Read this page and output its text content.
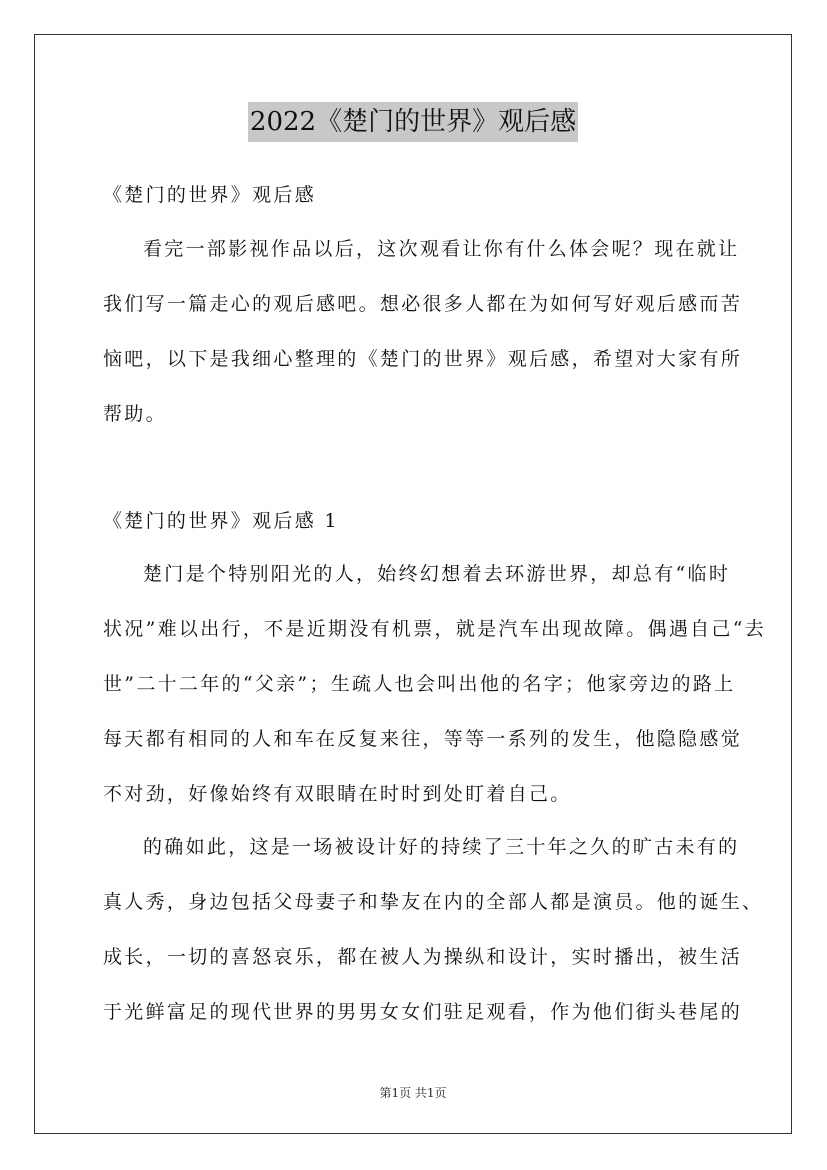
2022《楚门的世界》观后感
《楚门的世界》观后感
看完一部影视作品以后，这次观看让你有什么体会呢？现在就让
我们写一篇走心的观后感吧。想必很多人都在为如何写好观后感而苦
恼吧，以下是我细心整理的《楚门的世界》观后感，希望对大家有所
帮助。
《楚门的世界》观后感 1
楚门是个特别阳光的人，始终幻想着去环游世界，却总有“临时
状况”难以出行，不是近期没有机票，就是汽车出现故障。偶遇自己“去
世”二十二年的“父亲”；生疏人也会叫出他的名字；他家旁边的路上
每天都有相同的人和车在反复来往，等等一系列的发生，他隐隐感觉
不对劲，好像始终有双眼睛在时时到处盯着自己。
的确如此，这是一场被设计好的持续了三十年之久的旷古未有的
真人秀，身边包括父母妻子和挚友在内的全部人都是演员。他的诞生、
成长，一切的喜怒哀乐，都在被人为操纵和设计，实时播出，被生活
于光鲜富足的现代世界的男男女女们驻足观看，作为他们街头巷尾的
第1页 共1页
